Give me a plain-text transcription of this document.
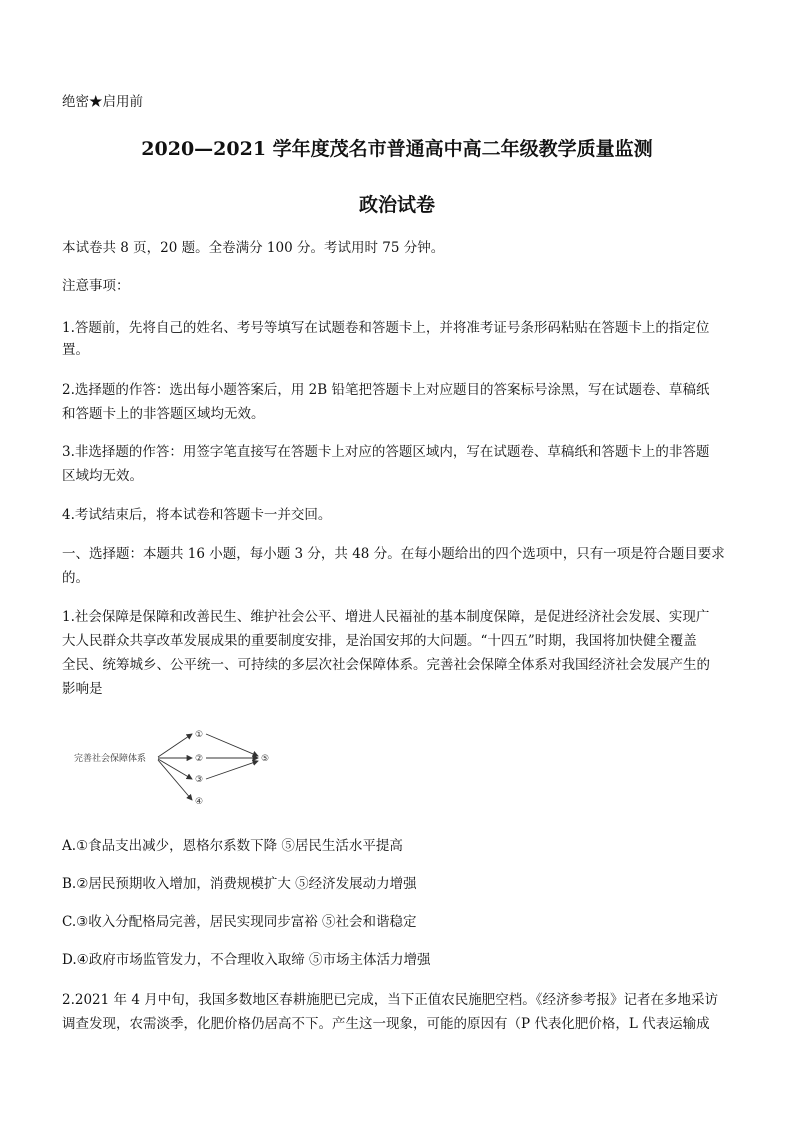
绝密★启用前
2020—2021 学年度茂名市普通高中高二年级教学质量监测
政治试卷
本试卷共 8 页，20 题。全卷满分 100 分。考试用时 75 分钟。
注意事项：
1.答题前，先将自己的姓名、考号等填写在试题卷和答题卡上，并将准考证号条形码粘贴在答题卡上的指定位
置。
2.选择题的作答：选出每小题答案后，用 2B 铅笔把答题卡上对应题目的答案标号涂黑，写在试题卷、草稿纸
和答题卡上的非答题区域均无效。
3.非选择题的作答：用签字笔直接写在答题卡上对应的答题区域内，写在试题卷、草稿纸和答题卡上的非答题
区域均无效。
4.考试结束后，将本试卷和答题卡一并交回。
一、选择题：本题共 16 小题，每小题 3 分，共 48 分。在每小题给出的四个选项中，只有一项是符合题目要求
的。
1.社会保障是保障和改善民生、维护社会公平、增进人民福祉的基本制度保障，是促进经济社会发展、实现广
大人民群众共享改革发展成果的重要制度安排，是治国安邦的大问题。“十四五”时期，我国将加快健全覆盖
全民、统筹城乡、公平统一、可持续的多层次社会保障体系。完善社会保障全体系对我国经济社会发展产生的
影响是
完善社会保障体系
①
②
③
④
⑤
A.①食品支出减少，恩格尔系数下降 ⑤居民生活水平提高
B.②居民预期收入增加，消费规模扩大 ⑤经济发展动力增强
C.③收入分配格局完善，居民实现同步富裕 ⑤社会和谐稳定
D.④政府市场监管发力，不合理收入取缔 ⑤市场主体活力增强
2.2021 年 4 月中旬，我国多数地区春耕施肥已完成，当下正值农民施肥空档。《经济参考报》记者在多地采访
调查发现，农需淡季，化肥价格仍居高不下。产生这一现象，可能的原因有（P 代表化肥价格，L 代表运输成
